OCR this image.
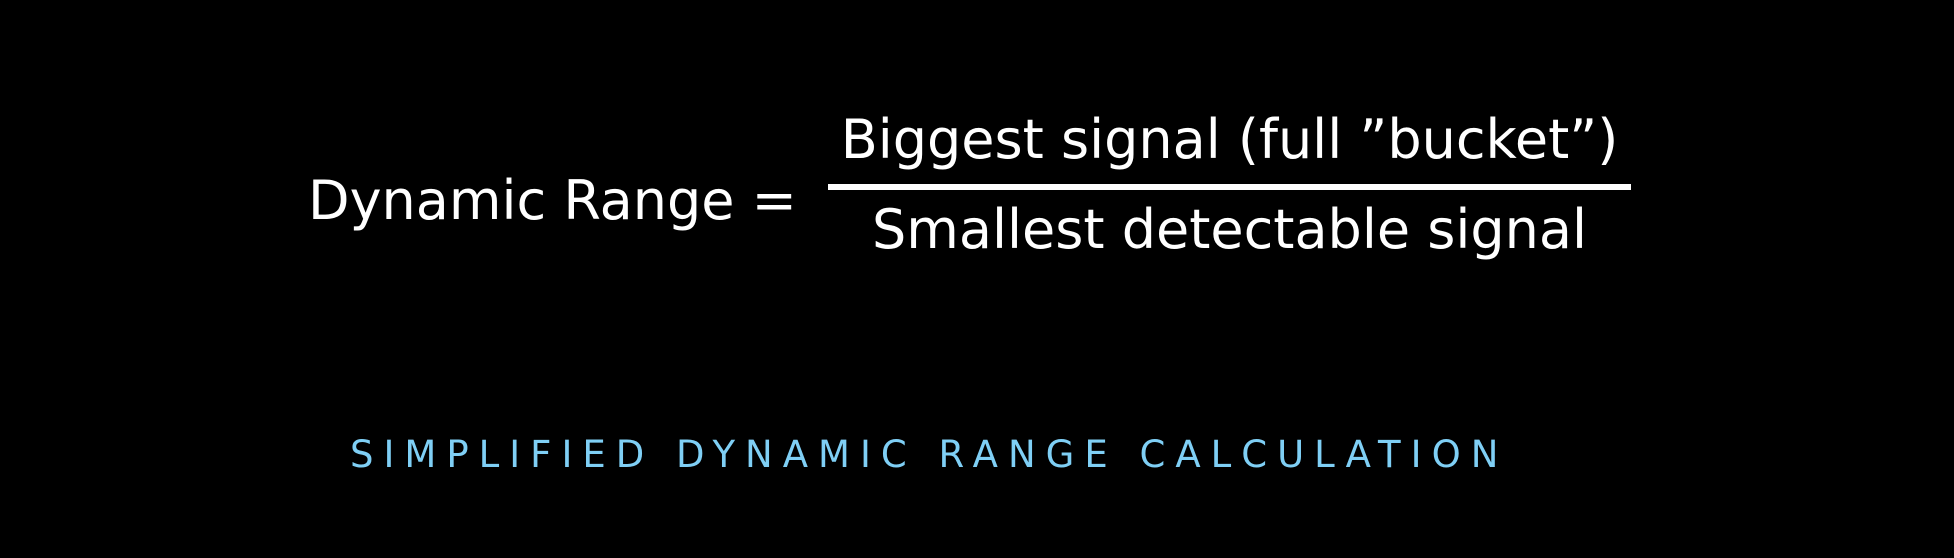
Dynamic Range =
Biggest signal (full ”bucket”)
Smallest detectable signal
SIMPLIFIED DYNAMIC RANGE CALCULATION
